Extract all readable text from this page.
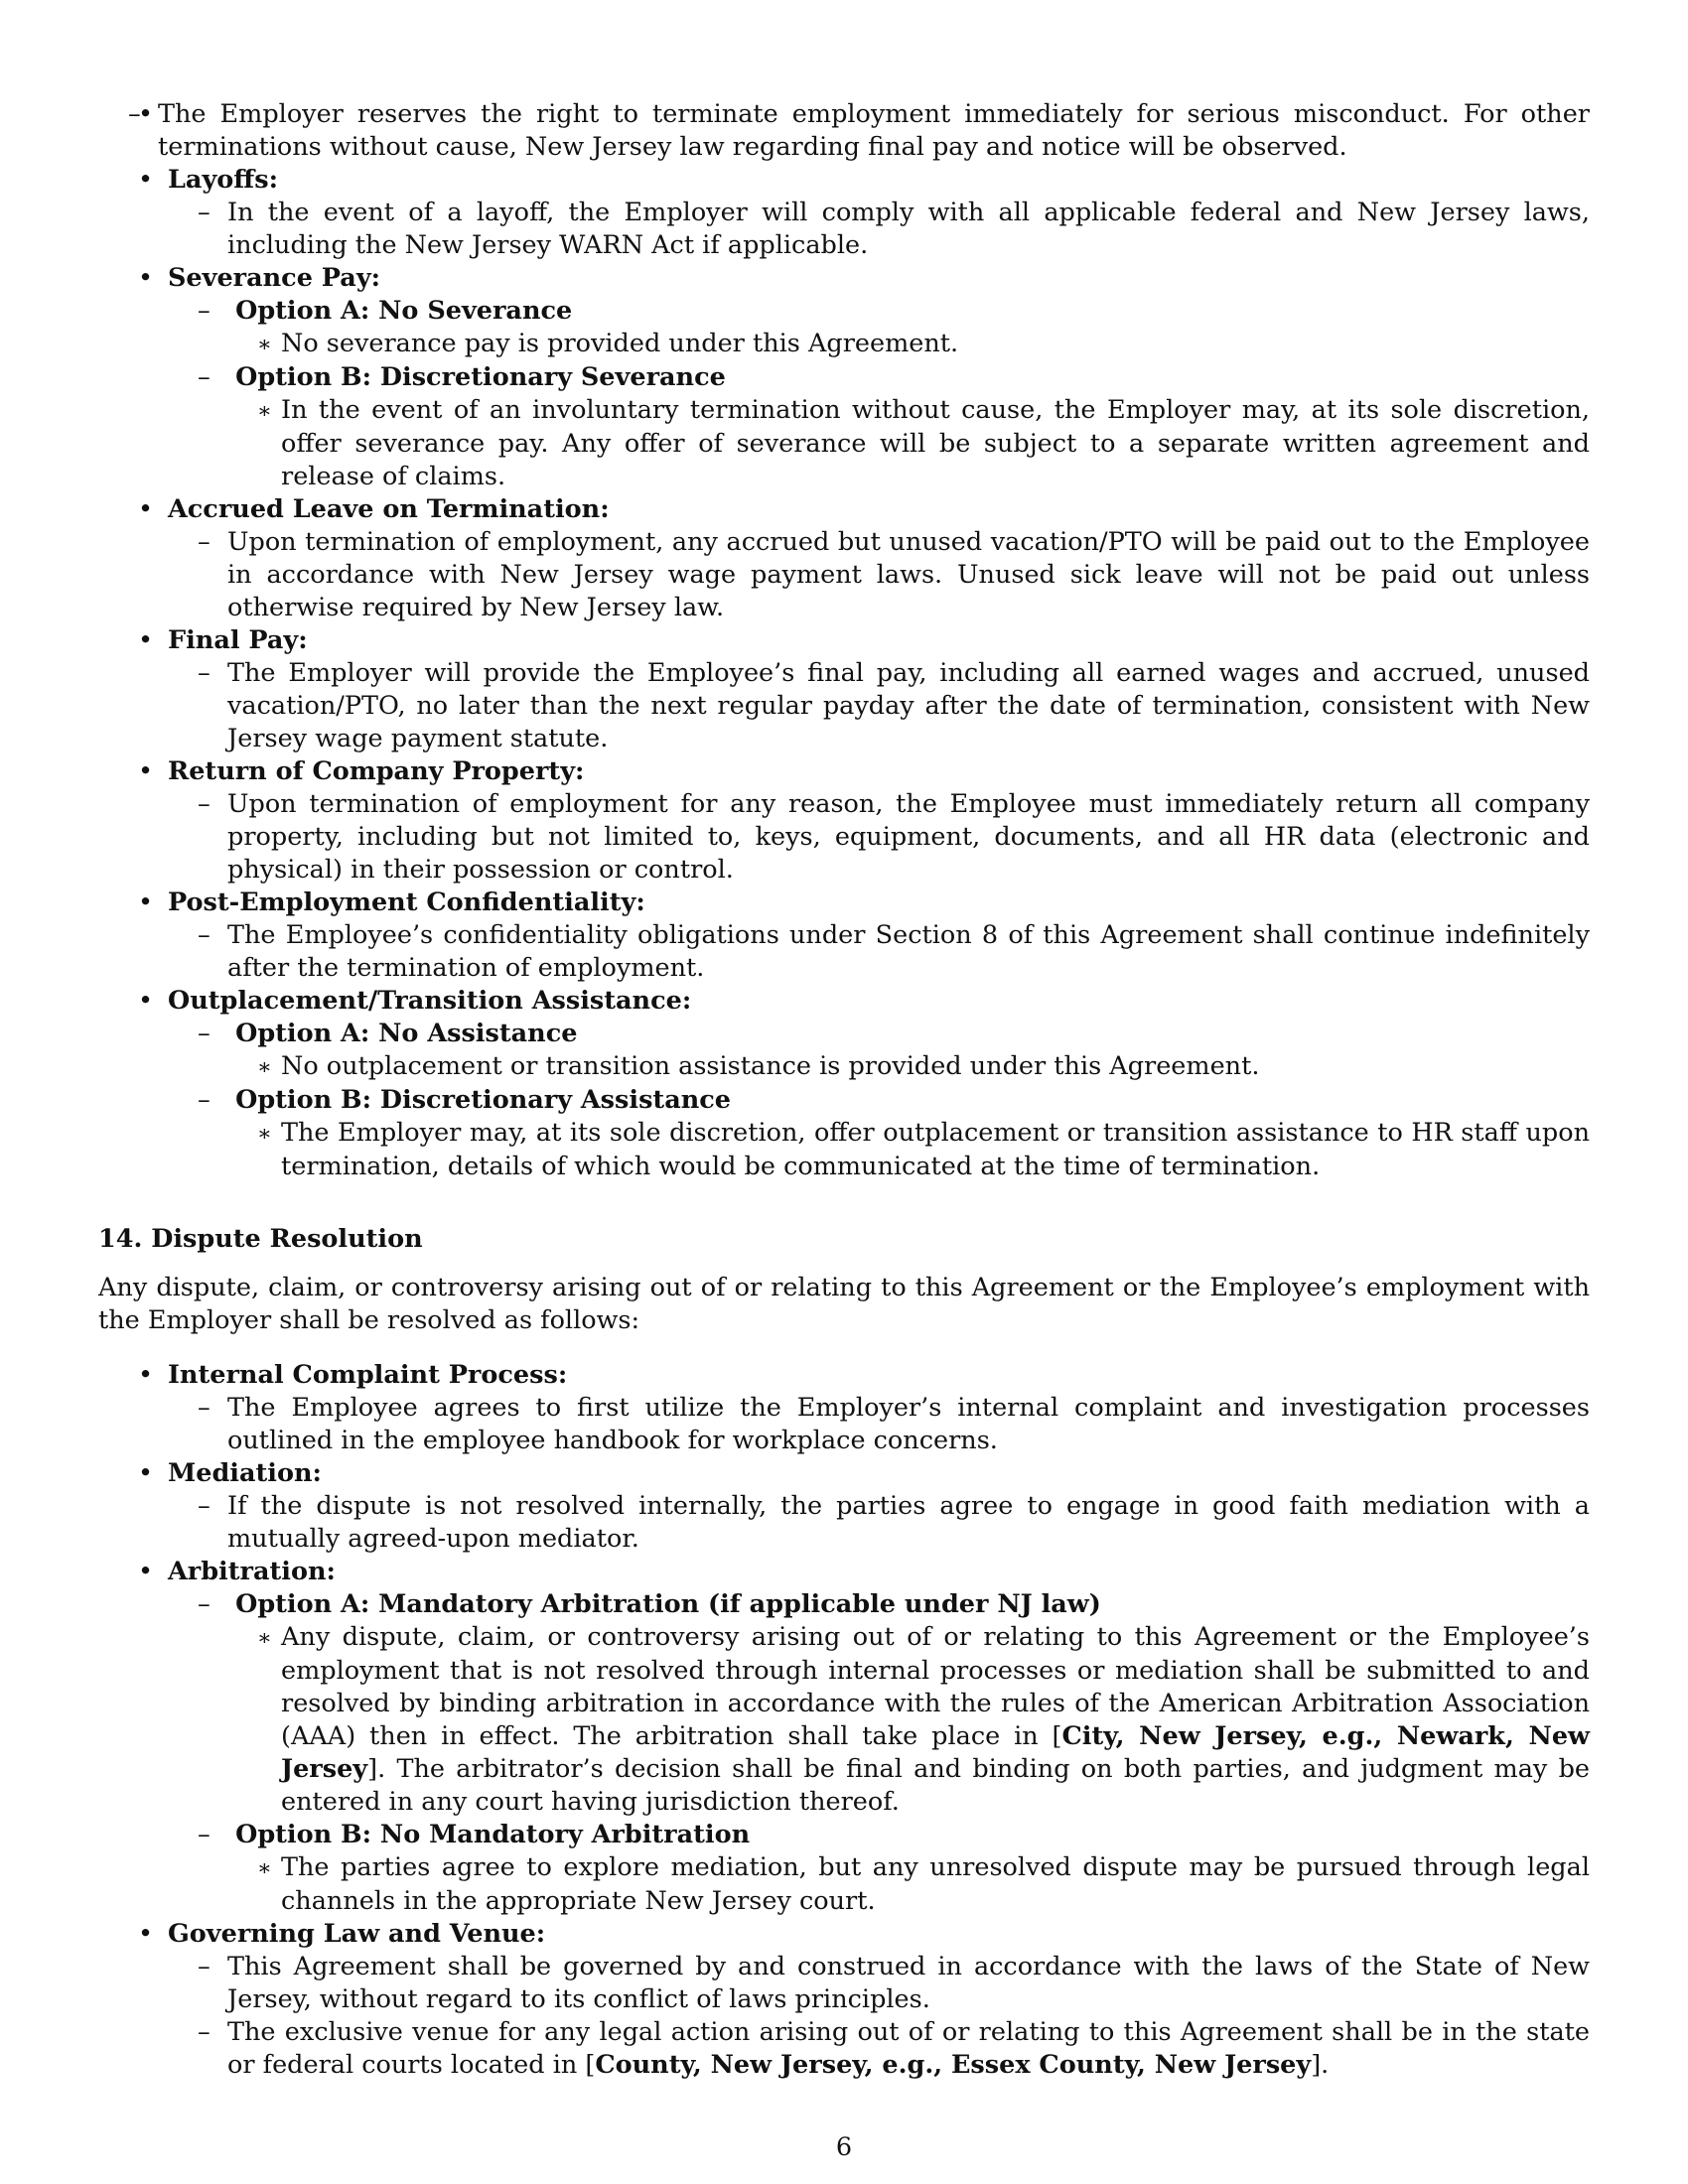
– • The Employer reserves the right to terminate employment immediately for serious misconduct. For other terminations without cause, New Jersey law regarding final pay and notice will be observed.
• Layoffs:
– In the event of a layoff, the Employer will comply with all applicable federal and New Jersey laws, including the New Jersey WARN Act if applicable.
• Severance Pay:
– Option A: No Severance
∗ No severance pay is provided under this Agreement.
– Option B: Discretionary Severance
∗ In the event of an involuntary termination without cause, the Employer may, at its sole discretion, offer severance pay. Any offer of severance will be subject to a separate written agreement and release of claims.
• Accrued Leave on Termination:
– Upon termination of employment, any accrued but unused vacation/PTO will be paid out to the Employee in accordance with New Jersey wage payment laws. Unused sick leave will not be paid out unless otherwise required by New Jersey law.
• Final Pay:
– The Employer will provide the Employee’s final pay, including all earned wages and accrued, unused vacation/PTO, no later than the next regular payday after the date of termination, consistent with New Jersey wage payment statute.
• Return of Company Property:
– Upon termination of employment for any reason, the Employee must immediately return all company property, including but not limited to, keys, equipment, documents, and all HR data (electronic and physical) in their possession or control.
• Post-Employment Confidentiality:
– The Employee’s confidentiality obligations under Section 8 of this Agreement shall continue indefinitely after the termination of employment.
• Outplacement/Transition Assistance:
– Option A: No Assistance
∗ No outplacement or transition assistance is provided under this Agreement.
– Option B: Discretionary Assistance
∗ The Employer may, at its sole discretion, offer outplacement or transition assistance to HR staff upon termination, details of which would be communicated at the time of termination.
14. Dispute Resolution
Any dispute, claim, or controversy arising out of or relating to this Agreement or the Employee’s employment with the Employer shall be resolved as follows:
• Internal Complaint Process:
– The Employee agrees to first utilize the Employer’s internal complaint and investigation processes outlined in the employee handbook for workplace concerns.
• Mediation:
– If the dispute is not resolved internally, the parties agree to engage in good faith mediation with a mutually agreed-upon mediator.
• Arbitration:
– Option A: Mandatory Arbitration (if applicable under NJ law)
∗ Any dispute, claim, or controversy arising out of or relating to this Agreement or the Employee’s employment that is not resolved through internal processes or mediation shall be submitted to and resolved by binding arbitration in accordance with the rules of the American Arbitration Association (AAA) then in effect. The arbitration shall take place in [City, New Jersey, e.g., Newark, New Jersey]. The arbitrator’s decision shall be final and binding on both parties, and judgment may be entered in any court having jurisdiction thereof.
– Option B: No Mandatory Arbitration
∗ The parties agree to explore mediation, but any unresolved dispute may be pursued through legal channels in the appropriate New Jersey court.
• Governing Law and Venue:
– This Agreement shall be governed by and construed in accordance with the laws of the State of New Jersey, without regard to its conflict of laws principles.
– The exclusive venue for any legal action arising out of or relating to this Agreement shall be in the state or federal courts located in [County, New Jersey, e.g., Essex County, New Jersey].
6
